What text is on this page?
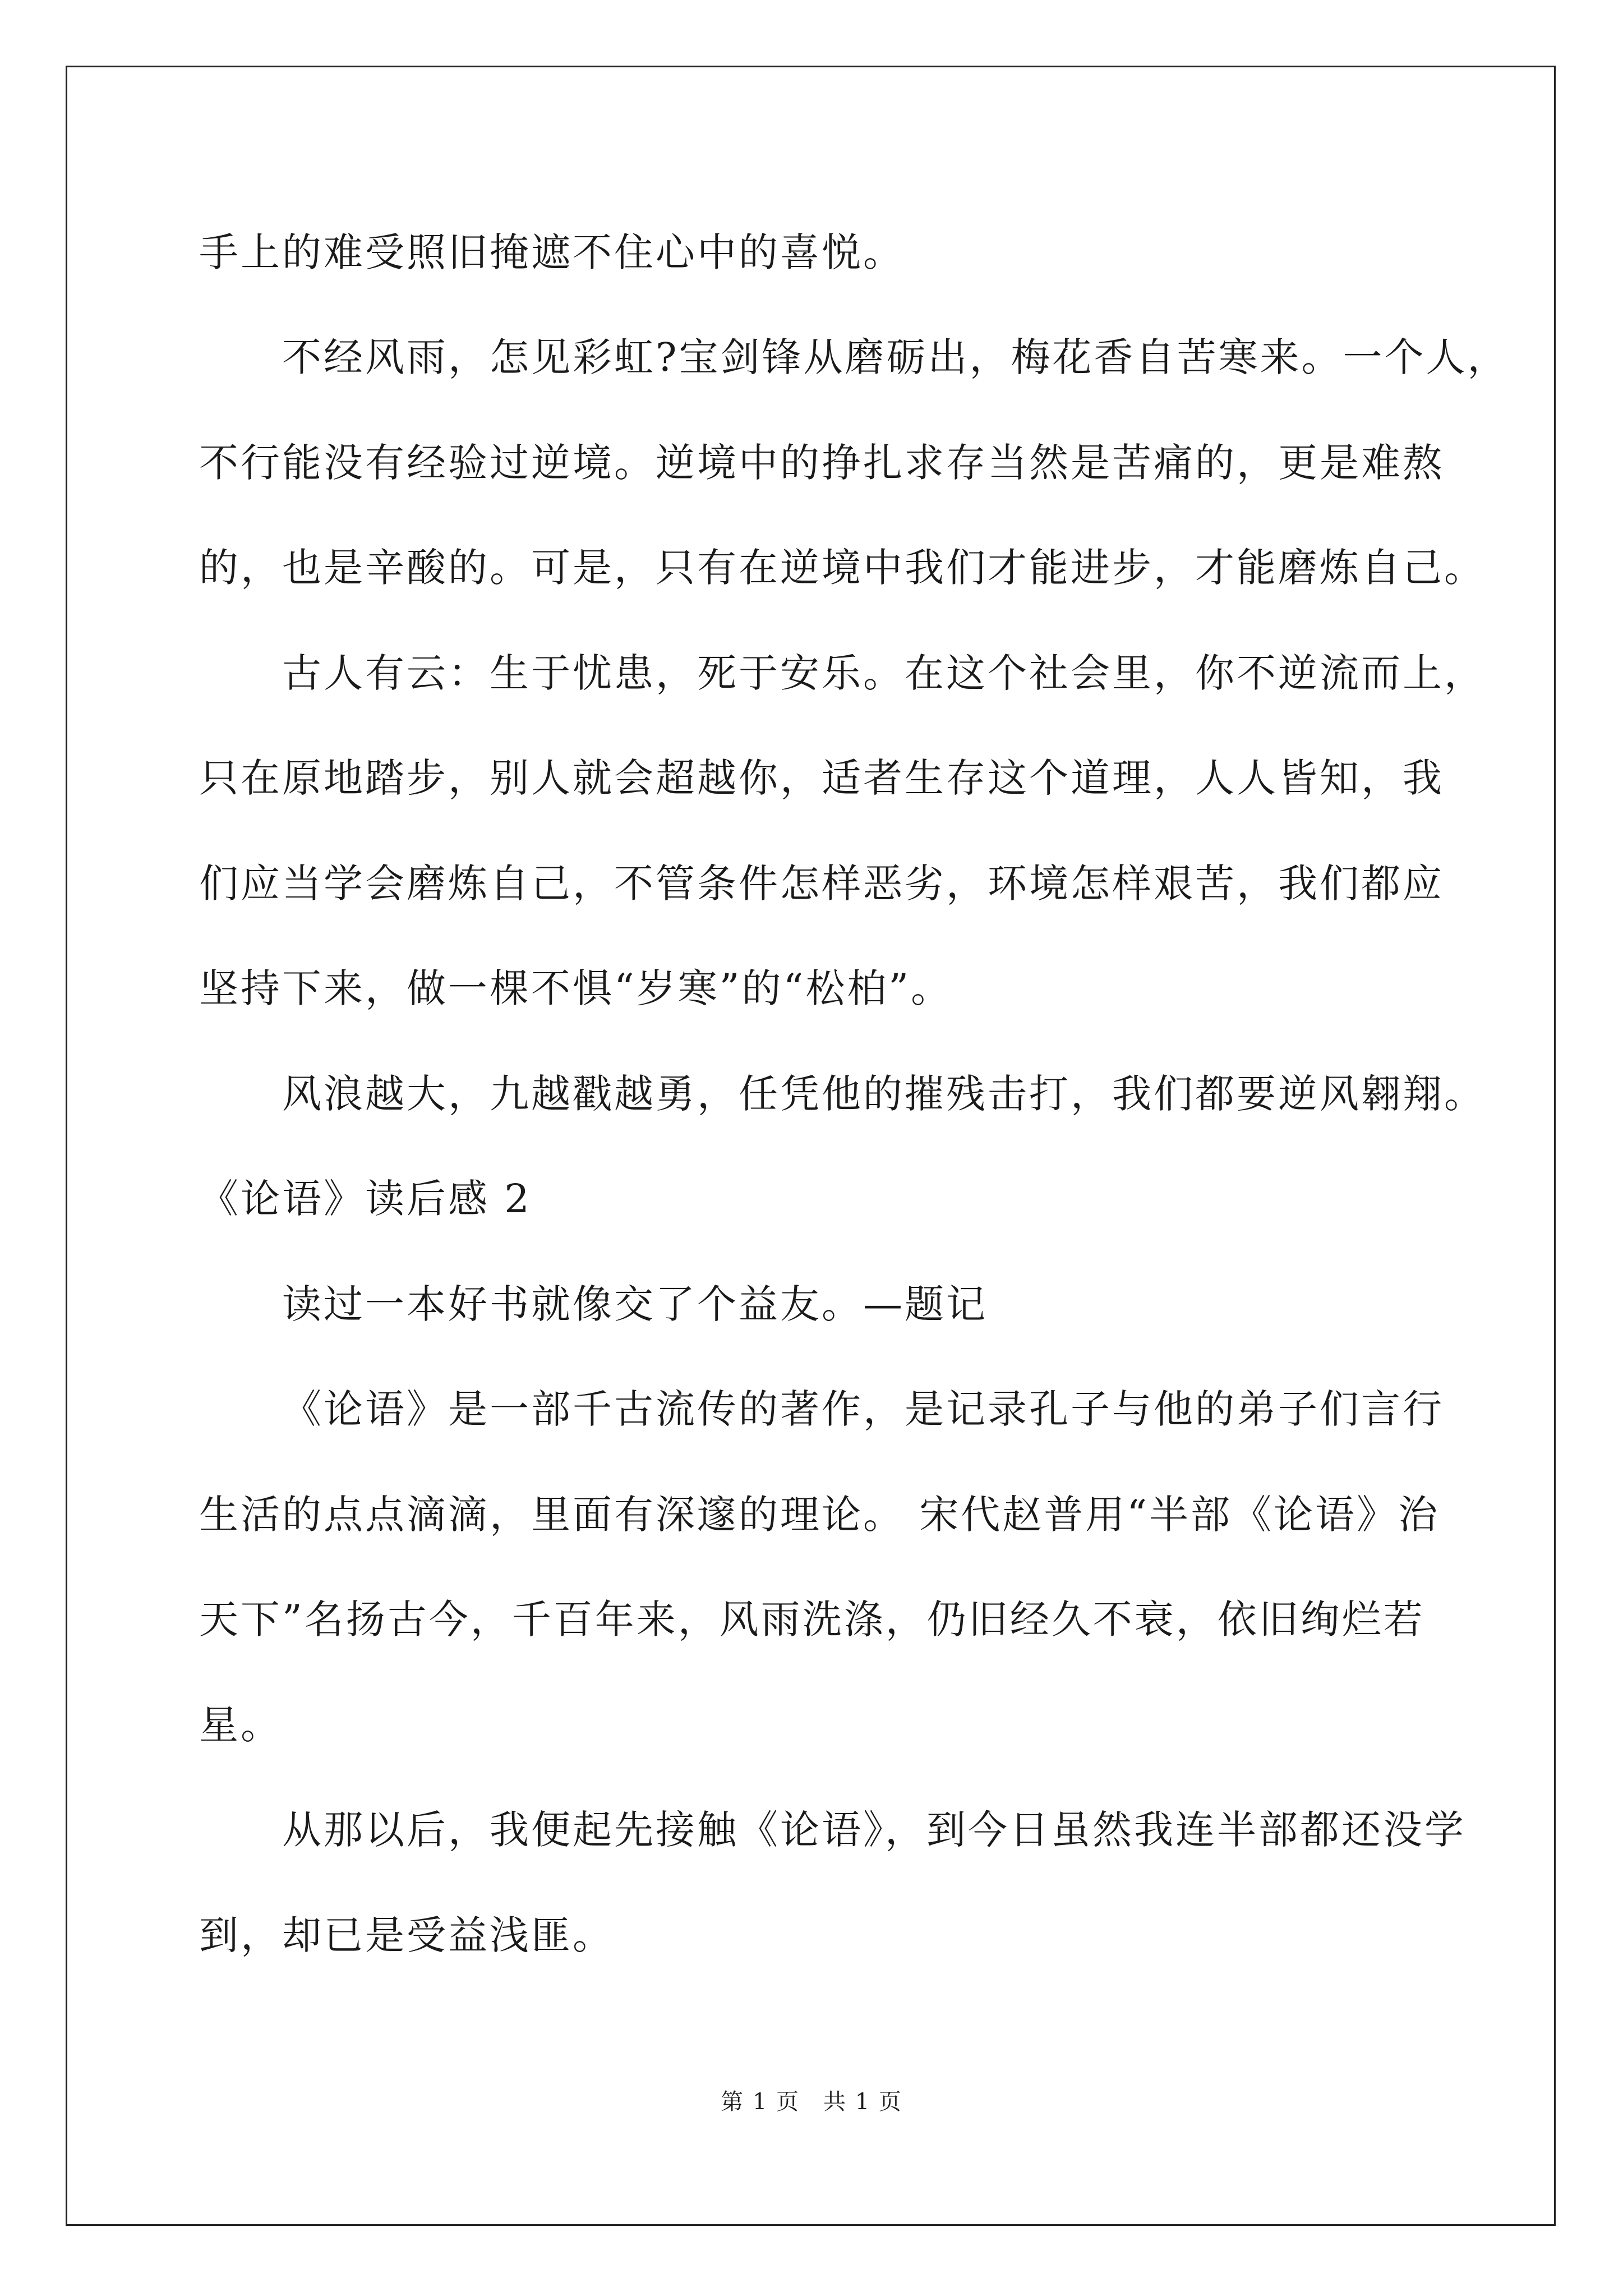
手上的难受照旧掩遮不住心中的喜悦。
不经风雨，怎见彩虹?宝剑锋从磨砺出，梅花香自苦寒来。一个人，
不行能没有经验过逆境。逆境中的挣扎求存当然是苦痛的，更是难熬
的，也是辛酸的。可是，只有在逆境中我们才能进步，才能磨炼自己。
古人有云：生于忧患，死于安乐。在这个社会里，你不逆流而上，
只在原地踏步，别人就会超越你，适者生存这个道理，人人皆知，我
们应当学会磨炼自己，不管条件怎样恶劣，环境怎样艰苦，我们都应
坚持下来，做一棵不惧“岁寒”的“松柏”。
风浪越大，九越戳越勇，任凭他的摧残击打，我们都要逆风翱翔。
《论语》读后感 2
读过一本好书就像交了个益友。—题记
《论语》是一部千古流传的著作，是记录孔子与他的弟子们言行
生活的点点滴滴，里面有深邃的理论。 宋代赵普用“半部《论语》治
天下”名扬古今，千百年来，风雨洗涤，仍旧经久不衰，依旧绚烂若
星。
从那以后，我便起先接触《论语》，到今日虽然我连半部都还没学
到，却已是受益浅匪。
第 1 页　共 1 页
